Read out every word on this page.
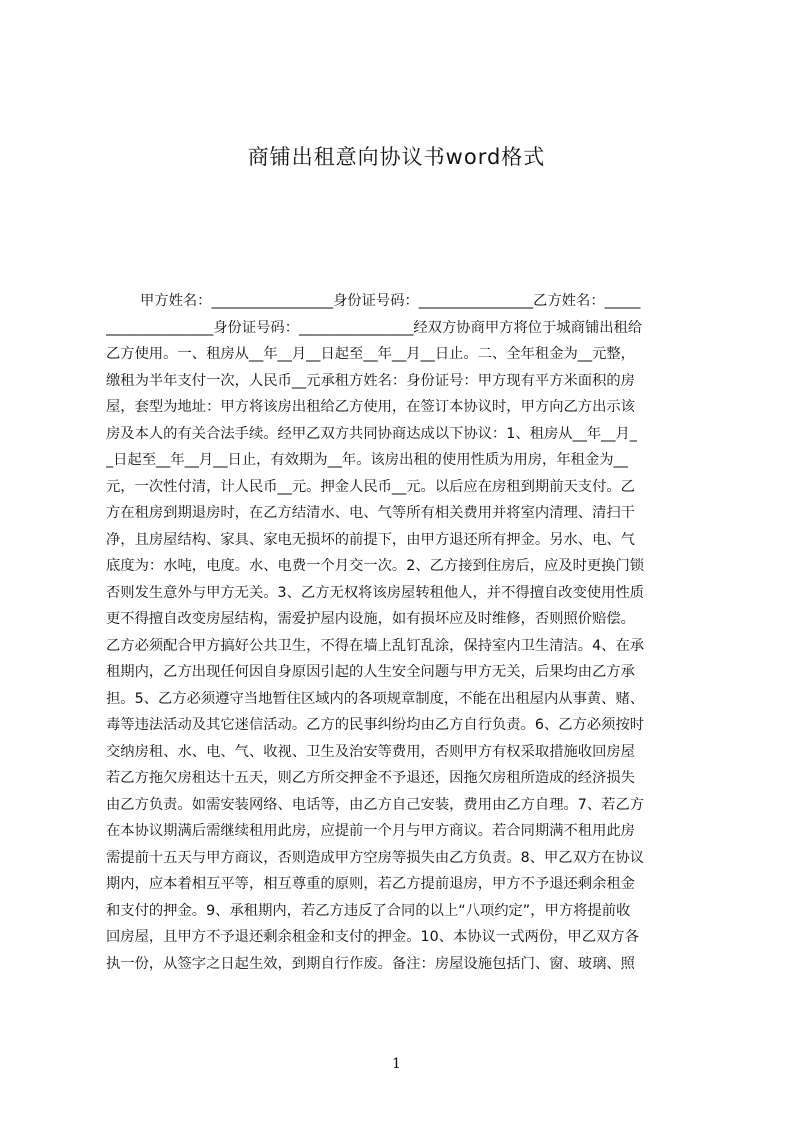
商铺出租意向协议书word格式
甲方姓名：_________________身份证号码：________________乙方姓名：_____
_______________身份证号码：________________经双方协商甲方将位于城商铺出租给
乙方使用。一、租房从__年__月__日起至__年__月__日止。二、全年租金为__元整，
缴租为半年支付一次，人民币__元承租方姓名：身份证号：甲方现有平方米面积的房
屋，套型为地址：甲方将该房出租给乙方使用，在签订本协议时，甲方向乙方出示该
房及本人的有关合法手续。经甲乙双方共同协商达成以下协议：1、租房从__年__月_
_日起至__年__月__日止，有效期为__年。该房出租的使用性质为用房，年租金为__
元，一次性付清，计人民币__元。押金人民币__元。以后应在房租到期前天支付。乙
方在租房到期退房时，在乙方结清水、电、气等所有相关费用并将室内清理、清扫干
净，且房屋结构、家具、家电无损坏的前提下，由甲方退还所有押金。另水、电、气
底度为：水吨，电度。水、电费一个月交一次。2、乙方接到住房后，应及时更换门锁
否则发生意外与甲方无关。3、乙方无权将该房屋转租他人，并不得擅自改变使用性质
更不得擅自改变房屋结构，需爱护屋内设施，如有损坏应及时维修，否则照价赔偿。
乙方必须配合甲方搞好公共卫生，不得在墙上乱钉乱涂，保持室内卫生清洁。4、在承
租期内，乙方出现任何因自身原因引起的人生安全问题与甲方无关，后果均由乙方承
担。5、乙方必须遵守当地暂住区域内的各项规章制度，不能在出租屋内从事黄、赌、
毒等违法活动及其它迷信活动。乙方的民事纠纷均由乙方自行负责。6、乙方必须按时
交纳房租、水、电、气、收视、卫生及治安等费用，否则甲方有权采取措施收回房屋
若乙方拖欠房租达十五天，则乙方所交押金不予退还，因拖欠房租所造成的经济损失
由乙方负责。如需安装网络、电话等，由乙方自己安装，费用由乙方自理。7、若乙方
在本协议期满后需继续租用此房，应提前一个月与甲方商议。若合同期满不租用此房
需提前十五天与甲方商议，否则造成甲方空房等损失由乙方负责。8、甲乙双方在协议
期内，应本着相互平等，相互尊重的原则，若乙方提前退房，甲方不予退还剩余租金
和支付的押金。9、承租期内，若乙方违反了合同的以上“八项约定”，甲方将提前收
回房屋，且甲方不予退还剩余租金和支付的押金。10、本协议一式两份，甲乙双方各
执一份，从签字之日起生效，到期自行作废。备注：房屋设施包括门、窗、玻璃、照
1
